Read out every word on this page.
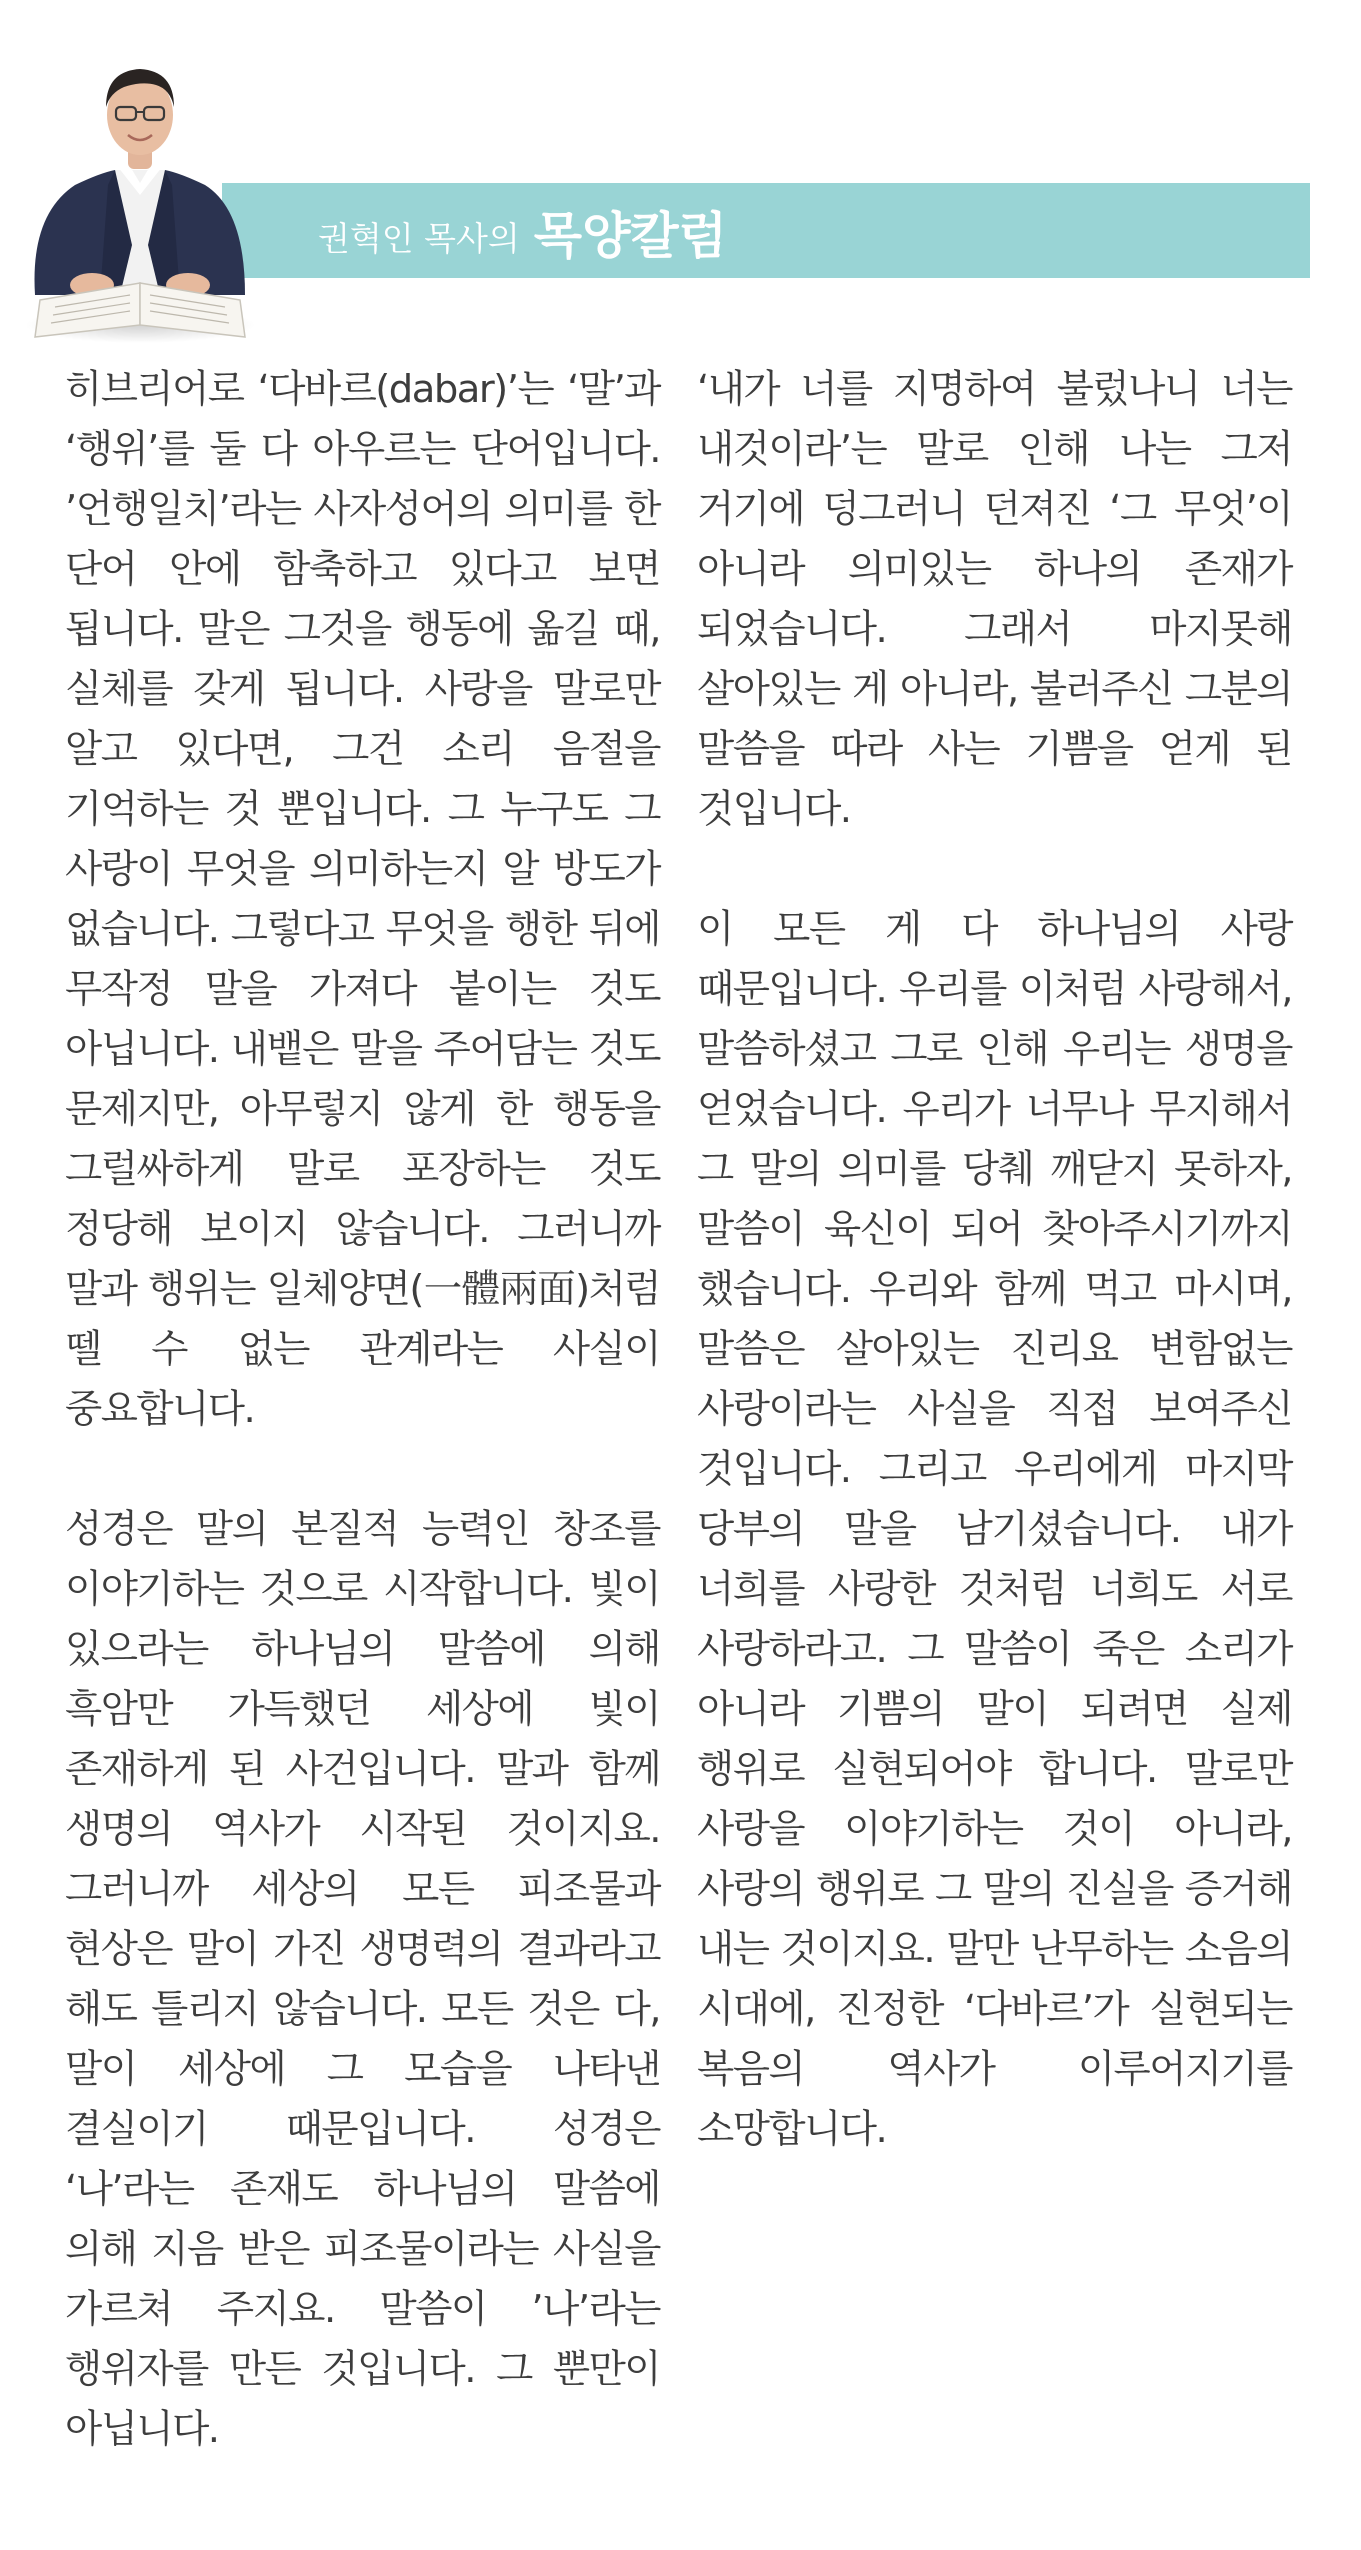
권혁인 목사의 목양칼럼

히브리어로 ‘다바르(dabar)’는 ‘말’과 ‘행위’를 둘 다 아우르는 단어입니다. ’언행일치’라는 사자성어의 의미를 한 단어 안에 함축하고 있다고 보면 됩니다. 말은 그것을 행동에 옮길 때, 실체를 갖게 됩니다. 사랑을 말로만 알고 있다면, 그건 소리 음절을 기억하는 것 뿐입니다. 그 누구도 그 사랑이 무엇을 의미하는지 알 방도가 없습니다. 그렇다고 무엇을 행한 뒤에 무작정 말을 가져다 붙이는 것도 아닙니다. 내뱉은 말을 주어담는 것도 문제지만, 아무렇지 않게 한 행동을 그럴싸하게 말로 포장하는 것도 정당해 보이지 않습니다. 그러니까 말과 행위는 일체양면(一體兩面)처럼 뗄 수 없는 관계라는 사실이 중요합니다.

성경은 말의 본질적 능력인 창조를 이야기하는 것으로 시작합니다. 빛이 있으라는 하나님의 말씀에 의해 흑암만 가득했던 세상에 빛이 존재하게 된 사건입니다. 말과 함께 생명의 역사가 시작된 것이지요. 그러니까 세상의 모든 피조물과 현상은 말이 가진 생명력의 결과라고 해도 틀리지 않습니다. 모든 것은 다, 말이 세상에 그 모습을 나타낸 결실이기 때문입니다. 성경은 ‘나’라는 존재도 하나님의 말씀에 의해 지음 받은 피조물이라는 사실을 가르쳐 주지요. 말씀이 ’나’라는 행위자를 만든 것입니다. 그 뿐만이 아닙니다.

‘내가 너를 지명하여 불렀나니 너는 내것이라’는 말로 인해 나는 그저 거기에 덩그러니 던져진 ‘그 무엇’이 아니라 의미있는 하나의 존재가 되었습니다. 그래서 마지못해 살아있는 게 아니라, 불러주신 그분의 말씀을 따라 사는 기쁨을 얻게 된 것입니다.

이 모든 게 다 하나님의 사랑 때문입니다. 우리를 이처럼 사랑해서, 말씀하셨고 그로 인해 우리는 생명을 얻었습니다. 우리가 너무나 무지해서 그 말의 의미를 당췌 깨닫지 못하자, 말씀이 육신이 되어 찾아주시기까지 했습니다. 우리와 함께 먹고 마시며, 말씀은 살아있는 진리요 변함없는 사랑이라는 사실을 직접 보여주신 것입니다. 그리고 우리에게 마지막 당부의 말을 남기셨습니다. 내가 너희를 사랑한 것처럼 너희도 서로 사랑하라고. 그 말씀이 죽은 소리가 아니라 기쁨의 말이 되려면 실제 행위로 실현되어야 합니다. 말로만 사랑을 이야기하는 것이 아니라, 사랑의 행위로 그 말의 진실을 증거해 내는 것이지요. 말만 난무하는 소음의 시대에, 진정한 ‘다바르’가 실현되는 복음의 역사가 이루어지기를 소망합니다.
